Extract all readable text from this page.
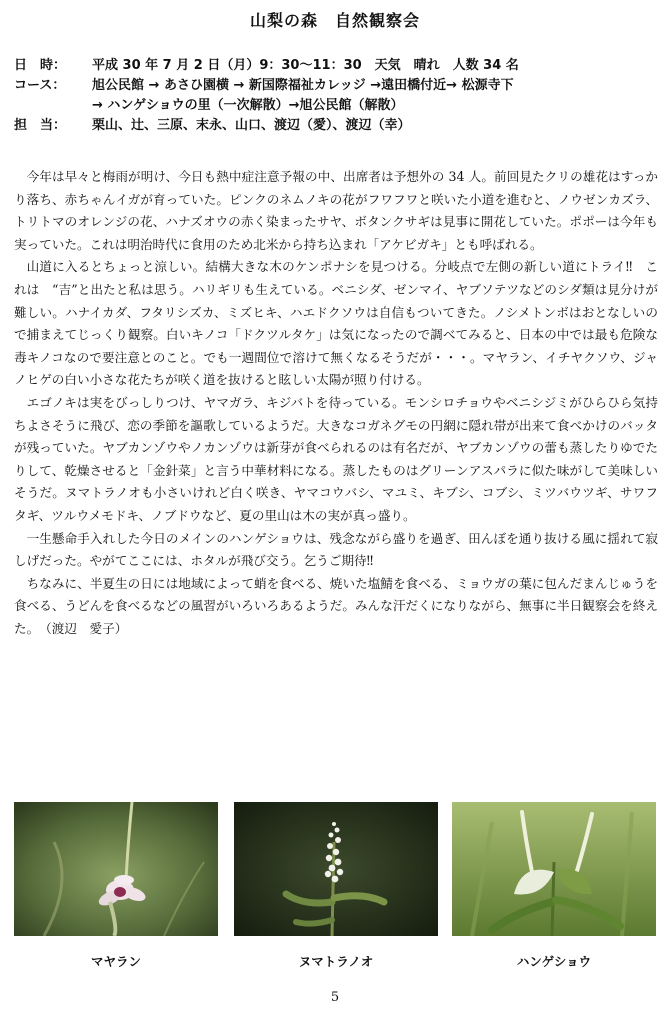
山梨の森　自然観察会
日　時：	平成 30 年 7 月 2 日（月）9：30〜11：30　天気　晴れ　人数 34 名
コース：	旭公民館 → あさひ園横 → 新国際福祉カレッジ →遠田橋付近→ 松源寺下
→ ハンゲショウの里（一次解散）→旭公民館（解散）
担　当：	栗山、辻、三原、末永、山口、渡辺（愛）、渡辺（幸）

今年は早々と梅雨が明け、今日も熱中症注意予報の中、出席者は予想外の 34 人。前回見たクリの雄花はすっかり落ち、赤ちゃんイガが育っていた。ピンクのネムノキの花がフワフワと咲いた小道を進むと、ノウゼンカズラ、トリトマのオレンジの花、ハナズオウの赤く染まったサヤ、ボタンクサギは見事に開花していた。ポポーは今年も実っていた。これは明治時代に食用のため北米から持ち込まれ「アケビガキ」とも呼ばれる。

山道に入るとちょっと涼しい。結構大きな木のケンポナシを見つける。分岐点で左側の新しい道にトライ‼　これは　“吉”と出たと私は思う。ハリギリも生えている。ベニシダ、ゼンマイ、ヤブソテツなどのシダ類は見分けが難しい。ハナイカダ、フタリシズカ、ミズヒキ、ハエドクソウは自信もついてきた。ノシメトンボはおとなしいので捕まえてじっくり観察。白いキノコ「ドクツルタケ」は気になったので調べてみると、日本の中では最も危険な毒キノコなので要注意とのこと。でも一週間位で溶けて無くなるそうだが・・・。マヤラン、イチヤクソウ、ジャノヒゲの白い小さな花たちが咲く道を抜けると眩しい太陽が照り付ける。

エゴノキは実をびっしりつけ、ヤマガラ、キジバトを待っている。モンシロチョウやベニシジミがひらひら気持ちよさそうに飛び、恋の季節を謳歌しているようだ。大きなコガネグモの円網に隠れ帯が出来て食べかけのバッタが残っていた。ヤブカンゾウやノカンゾウは新芽が食べられるのは有名だが、ヤブカンゾウの蕾も蒸したりゆでたりして、乾燥させると「金針菜」と言う中華材料になる。蒸したものはグリーンアスパラに似た味がして美味しいそうだ。ヌマトラノオも小さいけれど白く咲き、ヤマコウバシ、マユミ、キブシ、コブシ、ミツバウツギ、サワフタギ、ツルウメモドキ、ノブドウなど、夏の里山は木の実が真っ盛り。

一生懸命手入れした今日のメインのハンゲショウは、残念ながら盛りを過ぎ、田んぼを通り抜ける風に揺れて寂しげだった。やがてここには、ホタルが飛び交う。乞うご期待‼

ちなみに、半夏生の日には地域によって蛸を食べる、焼いた塩鯖を食べる、ミョウガの葉に包んだまんじゅうを食べる、うどんを食べるなどの風習がいろいろあるようだ。みんな汗だくになりながら、無事に半日観察会を終えた。　（渡辺　愛子）

マヤラン	ヌマトラノオ	ハンゲショウ
5
